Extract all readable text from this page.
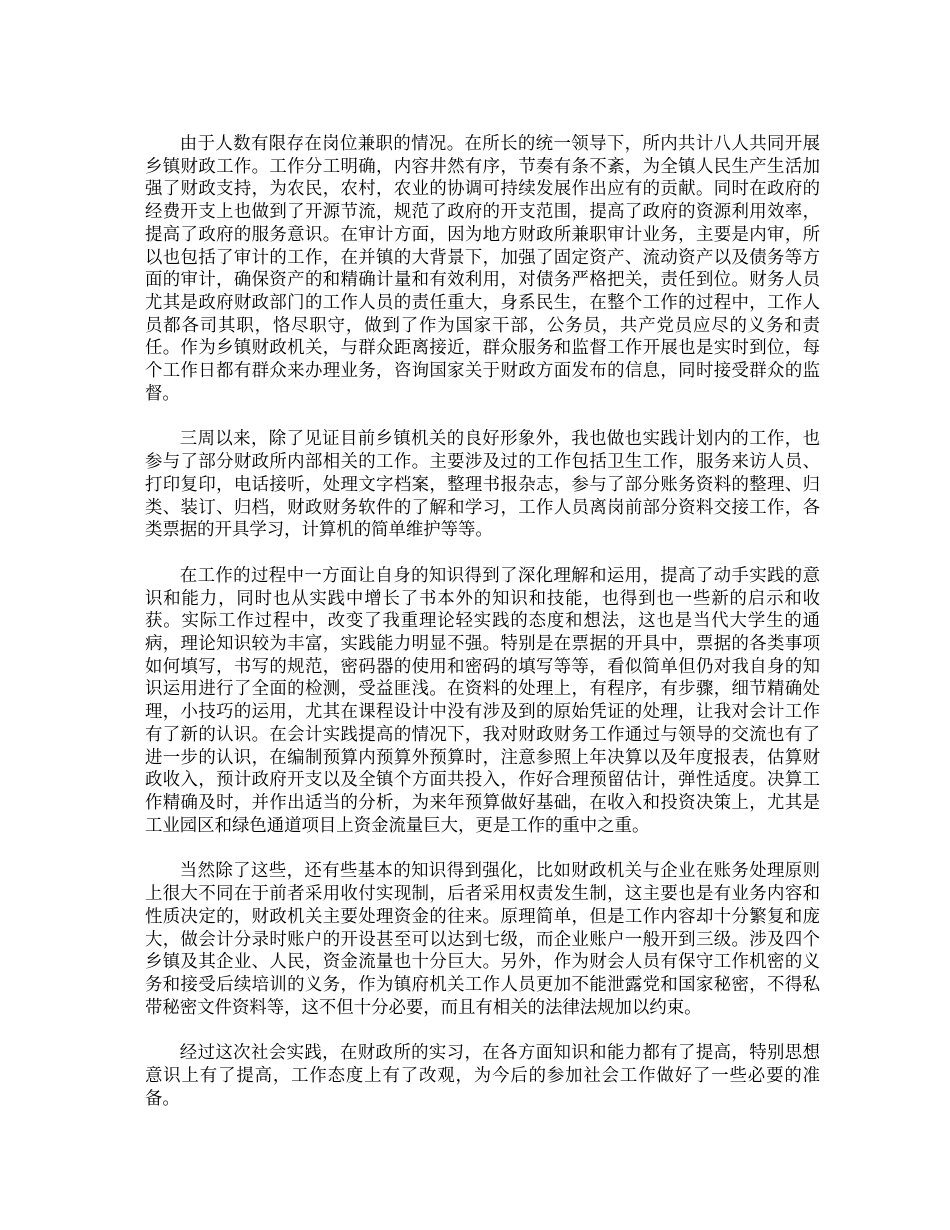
由于人数有限存在岗位兼职的情况。在所长的统一领导下，所内共计八人共同开展乡镇财政工作。工作分工明确，内容井然有序，节奏有条不紊，为全镇人民生产生活加强了财政支持，为农民，农村，农业的协调可持续发展作出应有的贡献。同时在政府的经费开支上也做到了开源节流，规范了政府的开支范围，提高了政府的资源利用效率，提高了政府的服务意识。在审计方面，因为地方财政所兼职审计业务，主要是内审，所以也包括了审计的工作，在并镇的大背景下，加强了固定资产、流动资产以及债务等方面的审计，确保资产的和精确计量和有效利用，对债务严格把关，责任到位。财务人员尤其是政府财政部门的工作人员的责任重大，身系民生，在整个工作的过程中，工作人员都各司其职，恪尽职守，做到了作为国家干部，公务员，共产党员应尽的义务和责任。作为乡镇财政机关，与群众距离接近，群众服务和监督工作开展也是实时到位，每个工作日都有群众来办理业务，咨询国家关于财政方面发布的信息，同时接受群众的监督。

三周以来，除了见证目前乡镇机关的良好形象外，我也做也实践计划内的工作，也参与了部分财政所内部相关的工作。主要涉及过的工作包括卫生工作，服务来访人员、打印复印，电话接听，处理文字档案，整理书报杂志，参与了部分账务资料的整理、归类、装订、归档，财政财务软件的了解和学习，工作人员离岗前部分资料交接工作，各类票据的开具学习，计算机的简单维护等等。

在工作的过程中一方面让自身的知识得到了深化理解和运用，提高了动手实践的意识和能力，同时也从实践中增长了书本外的知识和技能，也得到也一些新的启示和收获。实际工作过程中，改变了我重理论轻实践的态度和想法，这也是当代大学生的通病，理论知识较为丰富，实践能力明显不强。特别是在票据的开具中，票据的各类事项如何填写，书写的规范，密码器的使用和密码的填写等等，看似简单但仍对我自身的知识运用进行了全面的检测，受益匪浅。在资料的处理上，有程序，有步骤，细节精确处理，小技巧的运用，尤其在课程设计中没有涉及到的原始凭证的处理，让我对会计工作有了新的认识。在会计实践提高的情况下，我对财政财务工作通过与领导的交流也有了进一步的认识，在编制预算内预算外预算时，注意参照上年决算以及年度报表，估算财政收入，预计政府开支以及全镇个方面共投入，作好合理预留估计，弹性适度。决算工作精确及时，并作出适当的分析，为来年预算做好基础，在收入和投资决策上，尤其是工业园区和绿色通道项目上资金流量巨大，更是工作的重中之重。

当然除了这些，还有些基本的知识得到强化，比如财政机关与企业在账务处理原则上很大不同在于前者采用收付实现制，后者采用权责发生制，这主要也是有业务内容和性质决定的，财政机关主要处理资金的往来。原理简单，但是工作内容却十分繁复和庞大，做会计分录时账户的开设甚至可以达到七级，而企业账户一般开到三级。涉及四个乡镇及其企业、人民，资金流量也十分巨大。另外，作为财会人员有保守工作机密的义务和接受后续培训的义务，作为镇府机关工作人员更加不能泄露党和国家秘密，不得私带秘密文件资料等，这不但十分必要，而且有相关的法律法规加以约束。

经过这次社会实践，在财政所的实习，在各方面知识和能力都有了提高，特别思想意识上有了提高，工作态度上有了改观，为今后的参加社会工作做好了一些必要的准备。
